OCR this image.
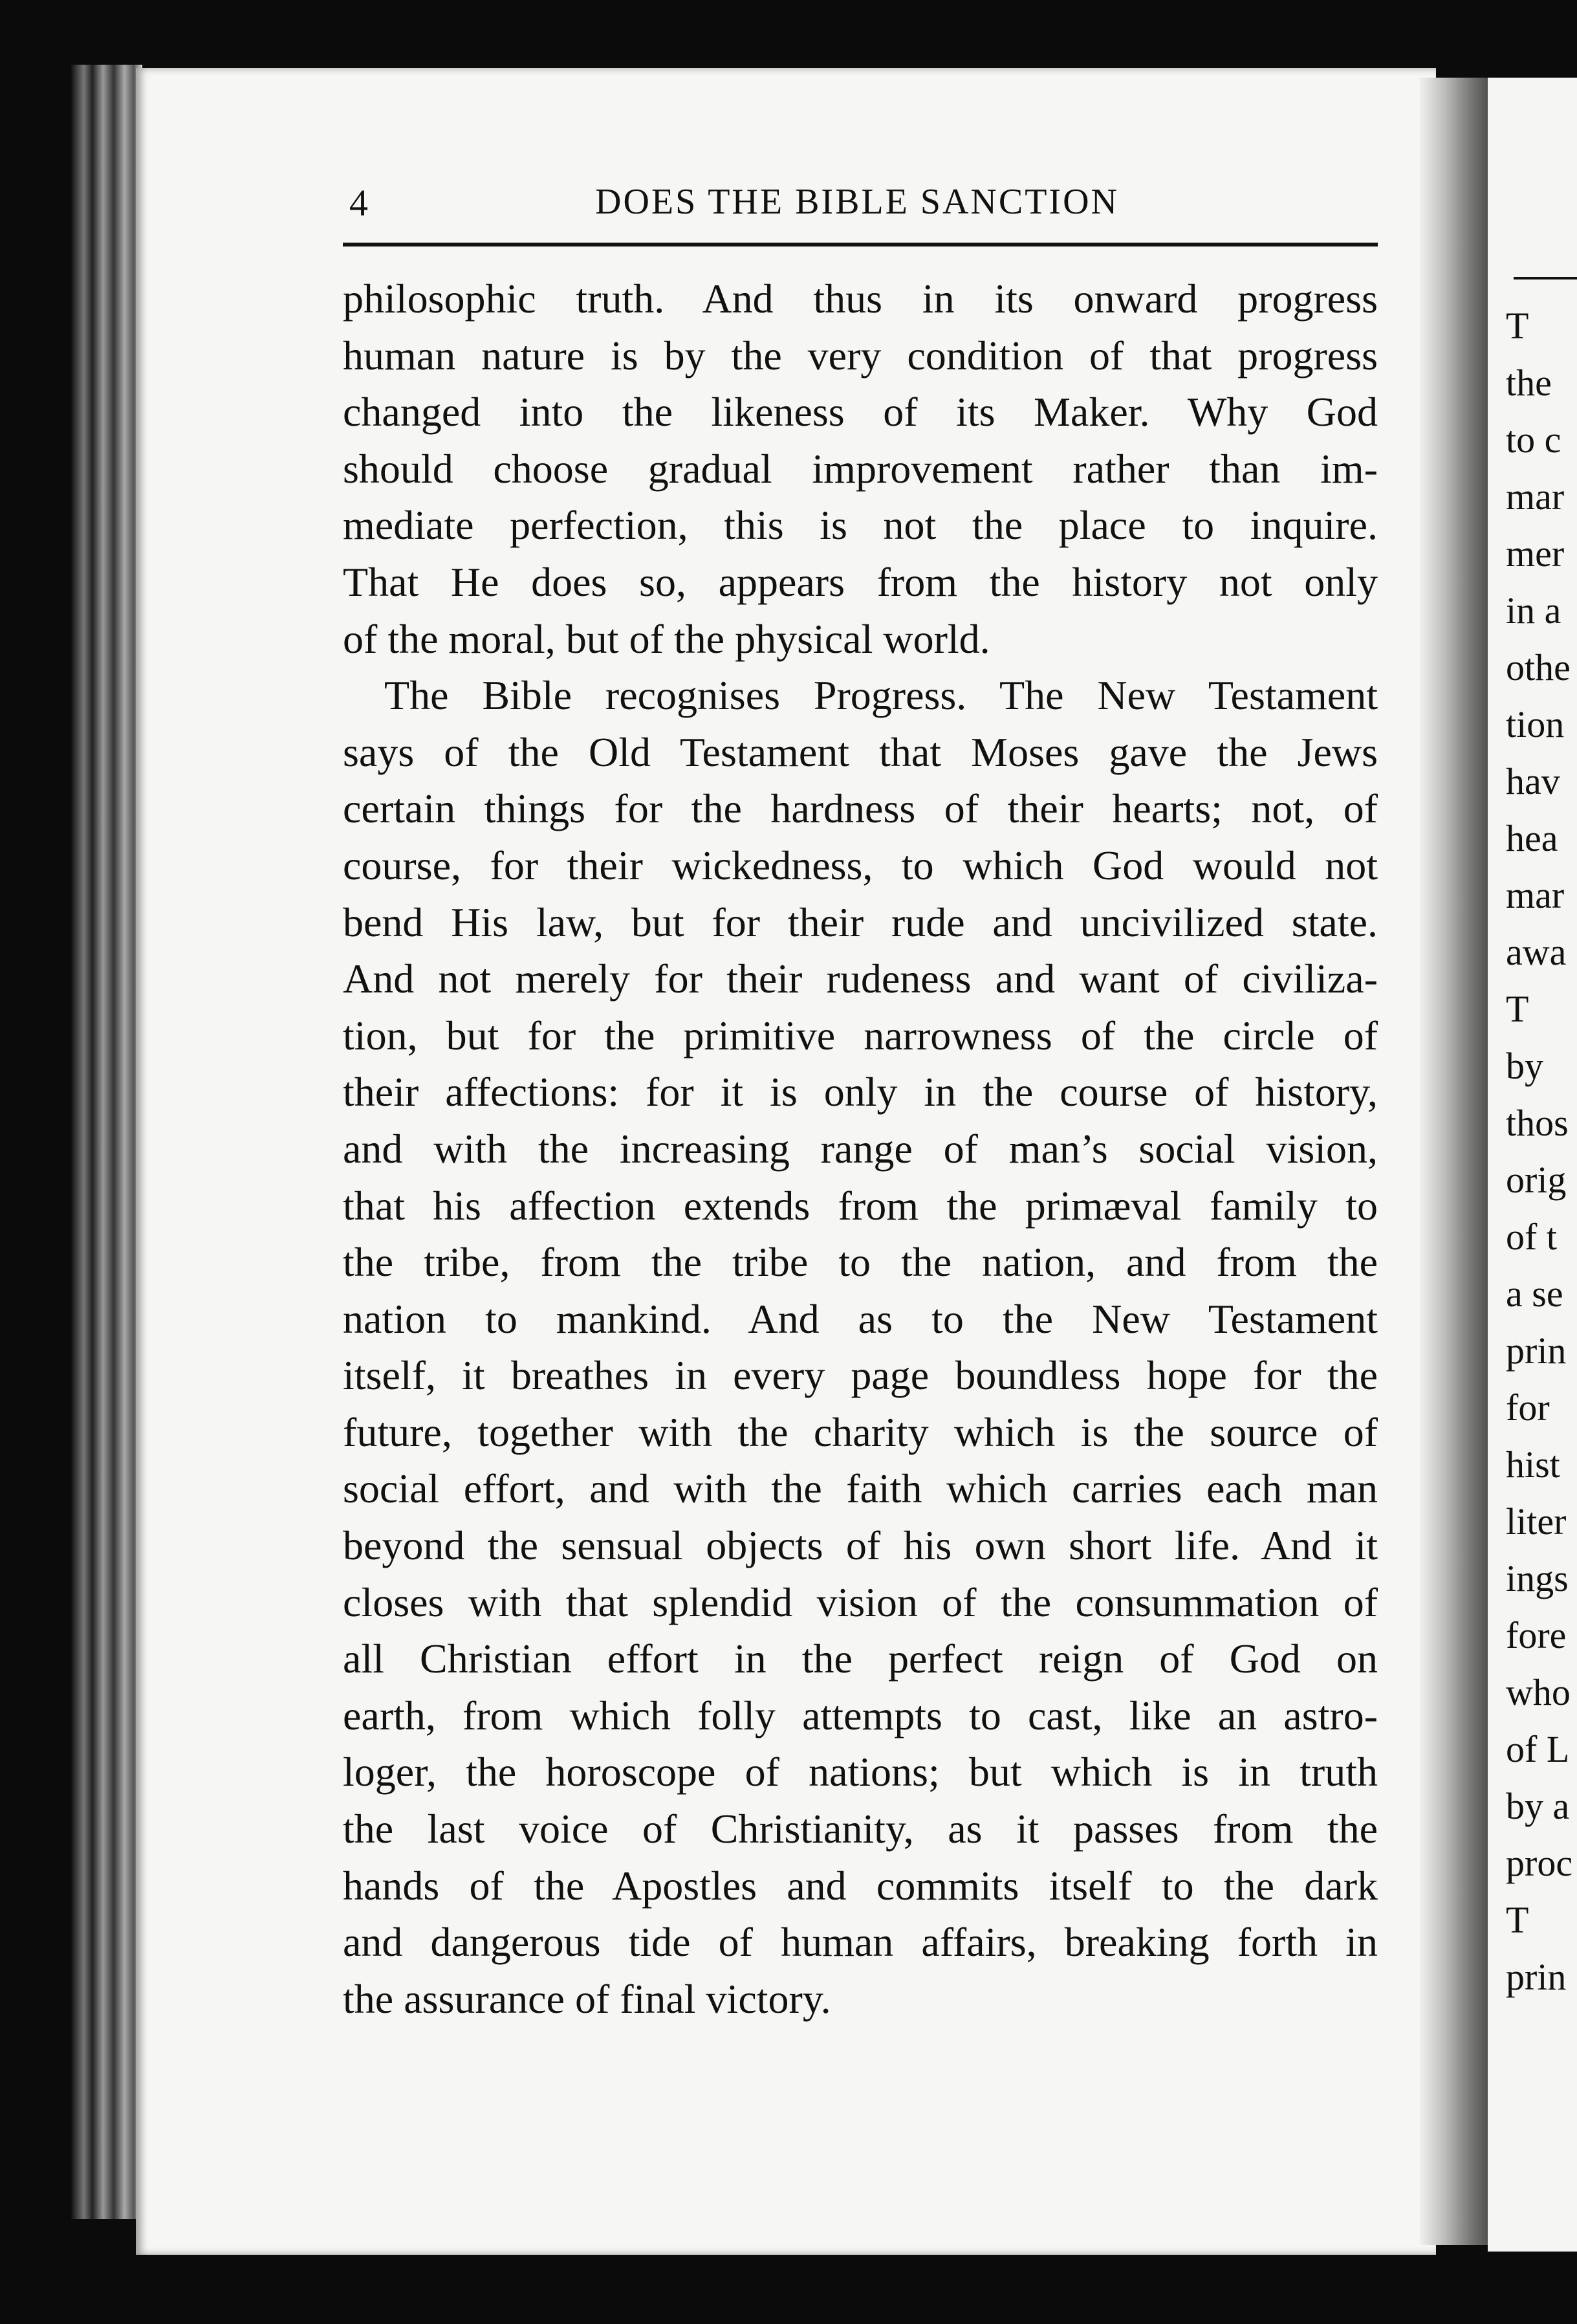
T
the
to c
mar
mer
in a
othe
tion
hav
hea
mar
awa
T
by
thos
orig
of t
a se
prin
for
hist
liter
ings
fore
who
of L
by a
proc
T
prin
4	DOES THE BIBLE SANCTION
philosophic truth. And thus in its onward progress
human nature is by the very condition of that progress
changed into the likeness of its Maker. Why God
should choose gradual improvement rather than im-
mediate perfection, this is not the place to inquire.
That He does so, appears from the history not only
of the moral, but of the physical world.
The Bible recognises Progress. The New Testament
says of the Old Testament that Moses gave the Jews
certain things for the hardness of their hearts; not, of
course, for their wickedness, to which God would not
bend His law, but for their rude and uncivilized state.
And not merely for their rudeness and want of civiliza-
tion, but for the primitive narrowness of the circle of
their affections: for it is only in the course of history,
and with the increasing range of man’s social vision,
that his affection extends from the primæval family to
the tribe, from the tribe to the nation, and from the
nation to mankind. And as to the New Testament
itself, it breathes in every page boundless hope for the
future, together with the charity which is the source of
social effort, and with the faith which carries each man
beyond the sensual objects of his own short life. And it
closes with that splendid vision of the consummation of
all Christian effort in the perfect reign of God on
earth, from which folly attempts to cast, like an astro-
loger, the horoscope of nations; but which is in truth
the last voice of Christianity, as it passes from the
hands of the Apostles and commits itself to the dark
and dangerous tide of human affairs, breaking forth in
the assurance of final victory.
